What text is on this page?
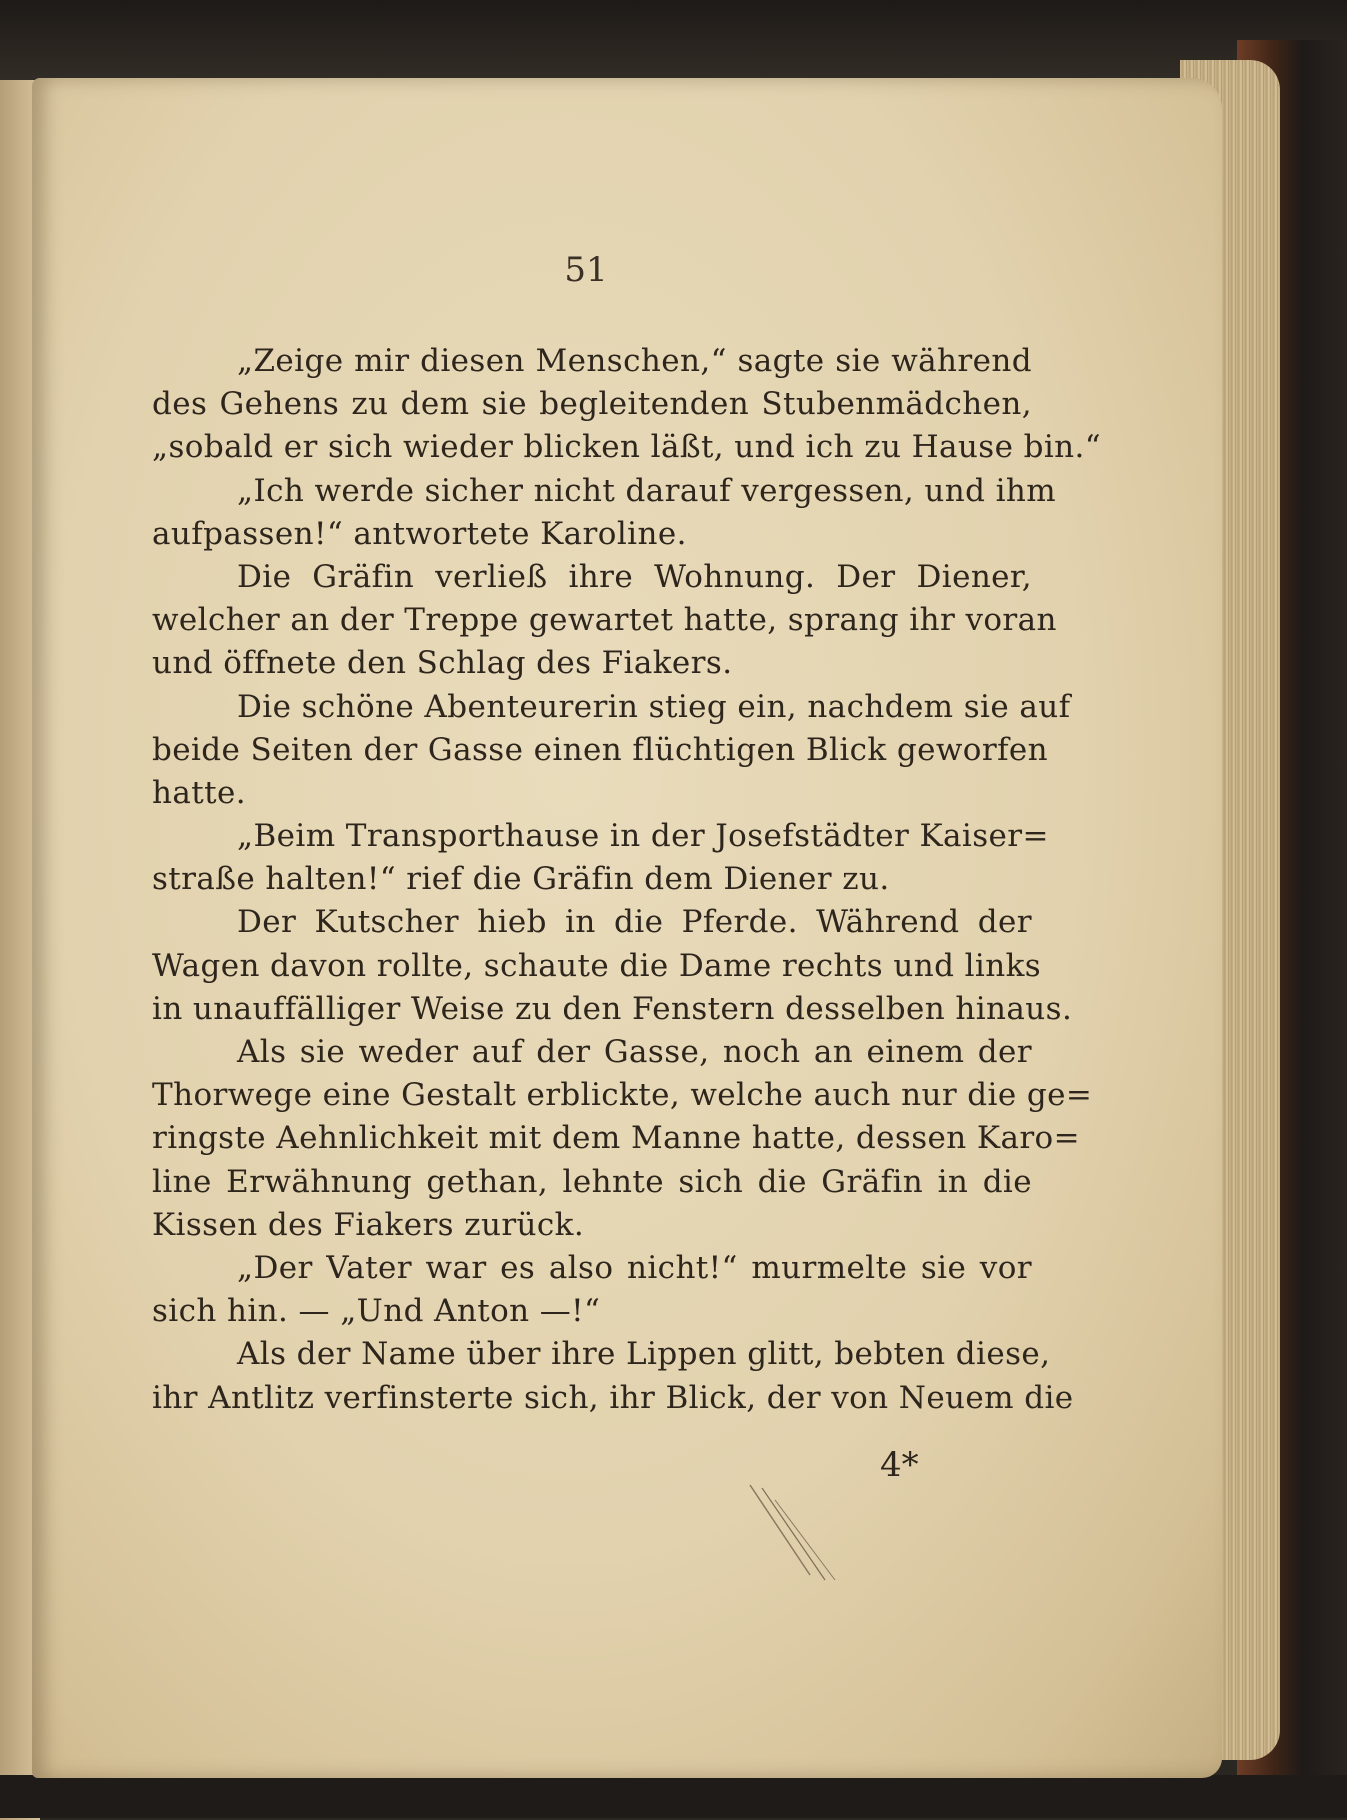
51
„Zeige mir diesen Menschen,“ sagte sie während
des Gehens zu dem sie begleitenden Stubenmädchen,
„sobald er sich wieder blicken läßt, und ich zu Hause bin.“
„Ich werde sicher nicht darauf vergessen, und ihm
aufpassen!“ antwortete Karoline.
Die Gräfin verließ ihre Wohnung. Der Diener,
welcher an der Treppe gewartet hatte, sprang ihr voran
und öffnete den Schlag des Fiakers.
Die schöne Abenteurerin stieg ein, nachdem sie auf
beide Seiten der Gasse einen flüchtigen Blick geworfen
hatte.
„Beim Transporthause in der Josefstädter Kaiser=
straße halten!“ rief die Gräfin dem Diener zu.
Der Kutscher hieb in die Pferde. Während der
Wagen davon rollte, schaute die Dame rechts und links
in unauffälliger Weise zu den Fenstern desselben hinaus.
Als sie weder auf der Gasse, noch an einem der
Thorwege eine Gestalt erblickte, welche auch nur die ge=
ringste Aehnlichkeit mit dem Manne hatte, dessen Karo=
line Erwähnung gethan, lehnte sich die Gräfin in die
Kissen des Fiakers zurück.
„Der Vater war es also nicht!“ murmelte sie vor
sich hin. — „Und Anton —!“
Als der Name über ihre Lippen glitt, bebten diese,
ihr Antlitz verfinsterte sich, ihr Blick, der von Neuem die
4*
